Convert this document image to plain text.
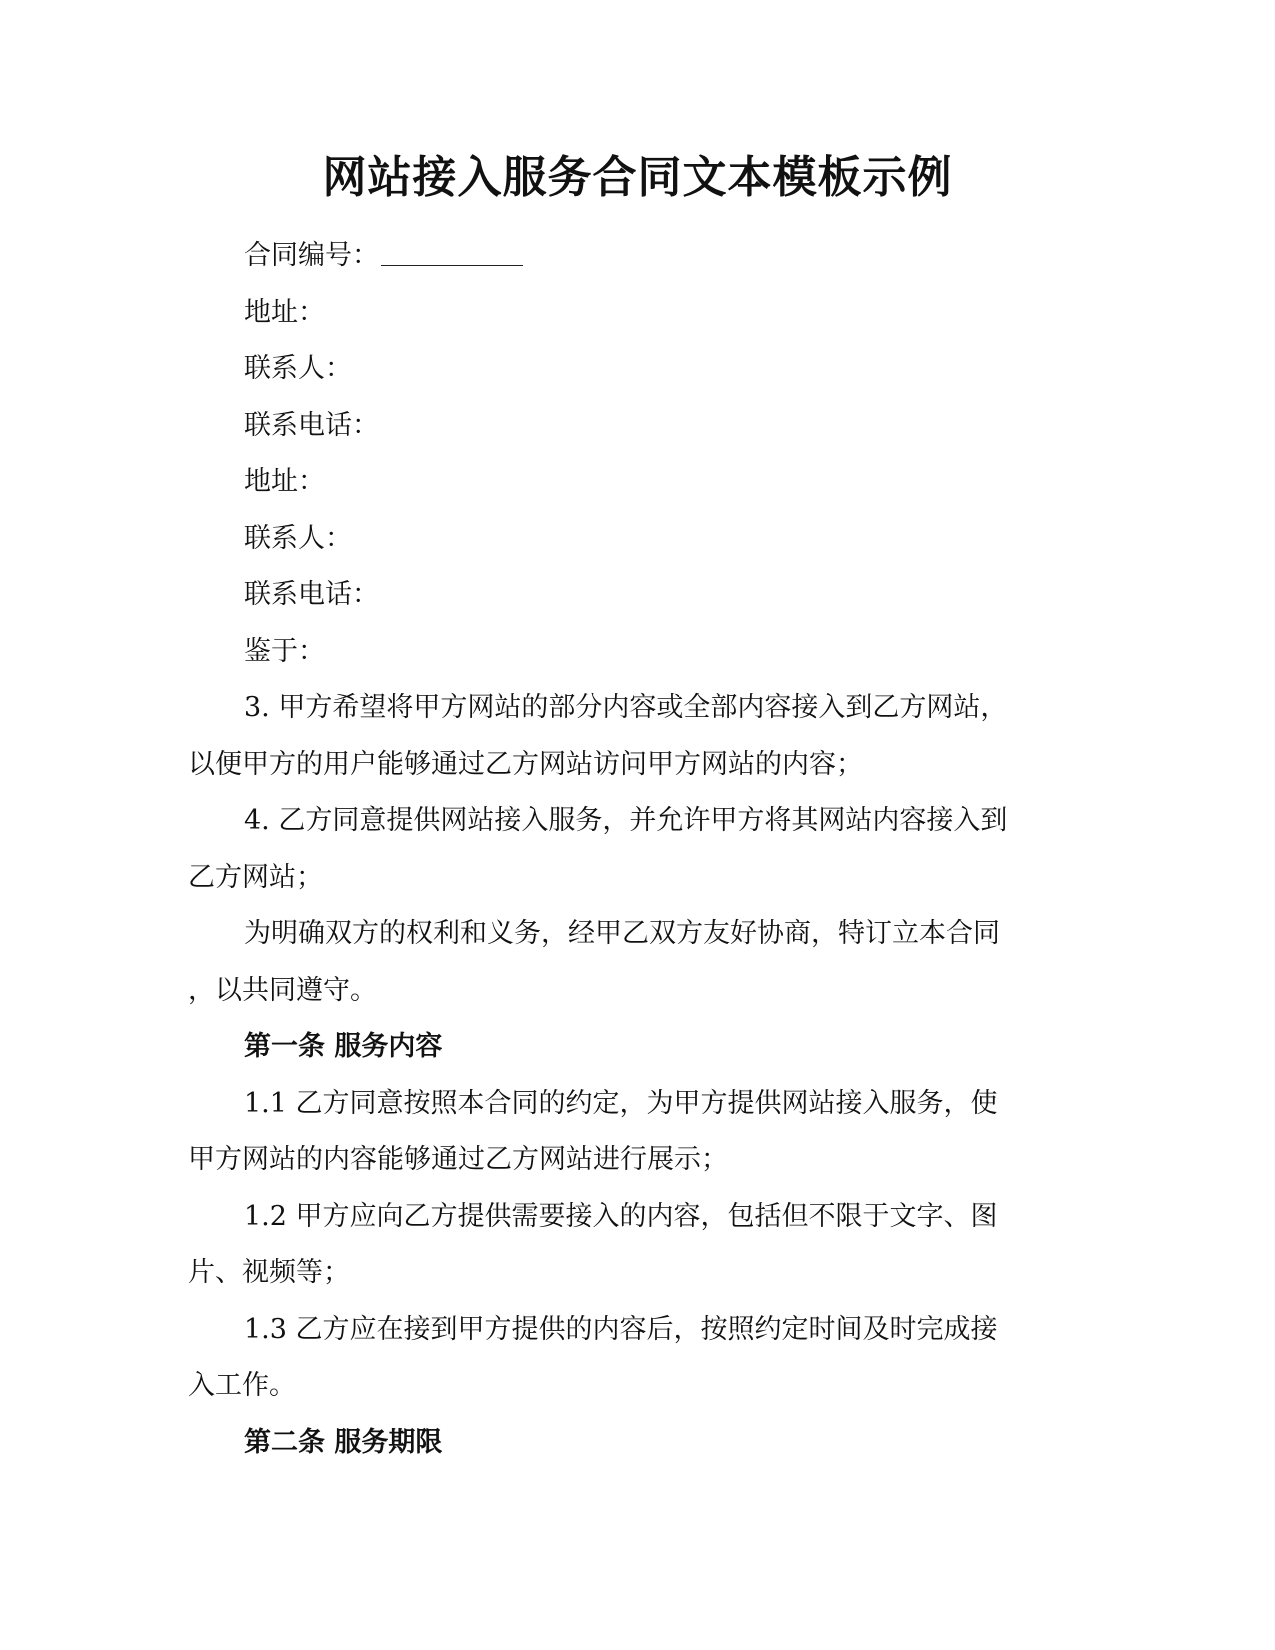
网站接入服务合同文本模板示例
合同编号：
地址：
联系人：
联系电话：
地址：
联系人：
联系电话：
鉴于：
3. 甲方希望将甲方网站的部分内容或全部内容接入到乙方网站，
以便甲方的用户能够通过乙方网站访问甲方网站的内容；
4. 乙方同意提供网站接入服务，并允许甲方将其网站内容接入到
乙方网站；
为明确双方的权利和义务，经甲乙双方友好协商，特订立本合同
，以共同遵守。
第一条 服务内容
1.1 乙方同意按照本合同的约定，为甲方提供网站接入服务，使
甲方网站的内容能够通过乙方网站进行展示；
1.2 甲方应向乙方提供需要接入的内容，包括但不限于文字、图
片、视频等；
1.3 乙方应在接到甲方提供的内容后，按照约定时间及时完成接
入工作。
第二条 服务期限
